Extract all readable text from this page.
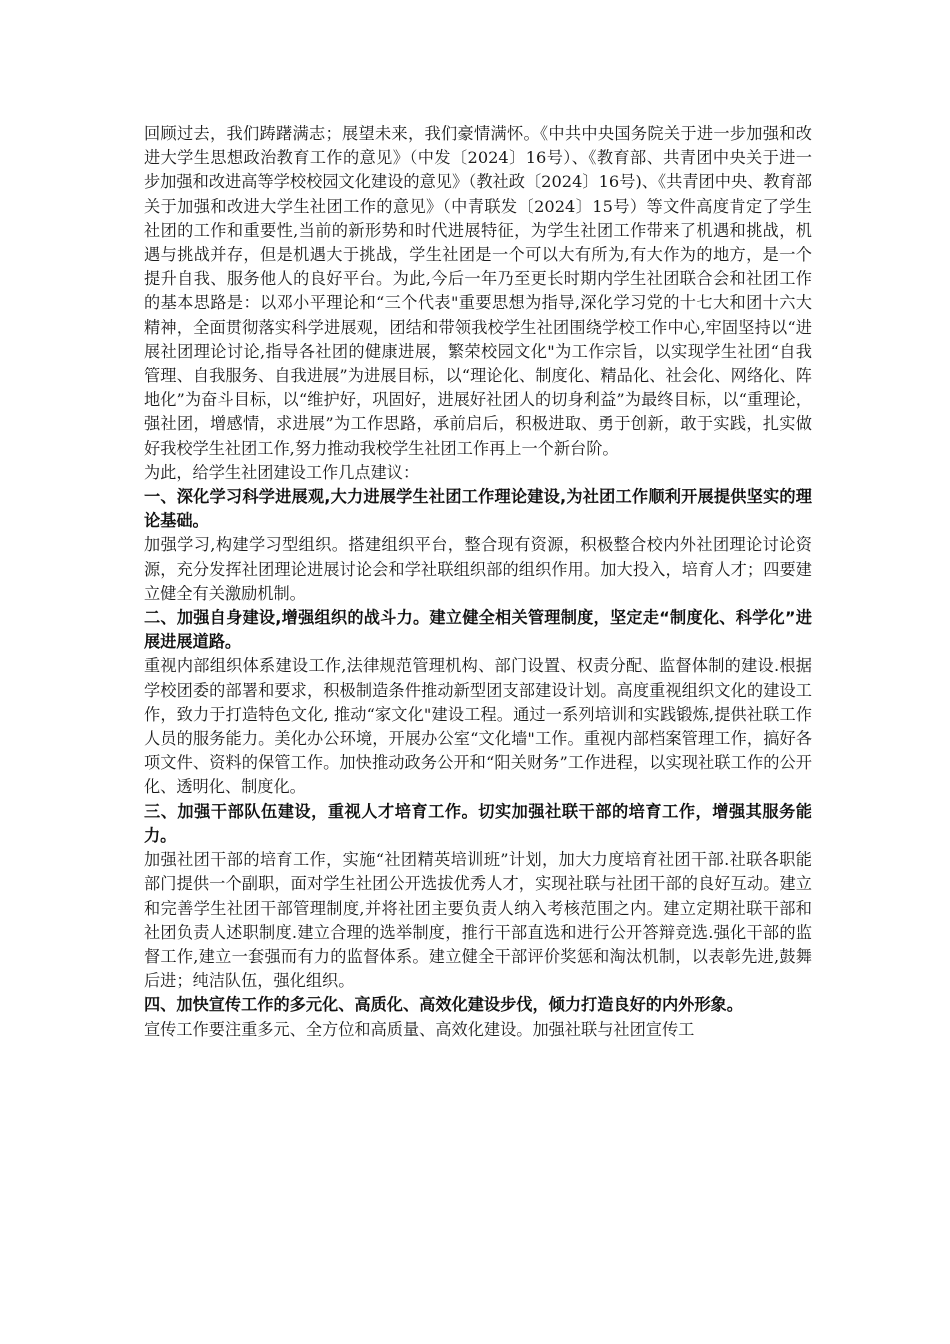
回顾过去，我们踌躇满志；展望未来，我们豪情满怀。《中共中央国务院关于进一步加强和改进大学生思想政治教育工作的意见》（中发〔2024〕16号）、《教育部、共青团中央关于进一步加强和改进高等学校校园文化建设的意见》（教社政〔2024〕16号)、《共青团中央、教育部关于加强和改进大学生社团工作的意见》（中青联发〔2024〕15号）等文件高度肯定了学生社团的工作和重要性,当前的新形势和时代进展特征，为学生社团工作带来了机遇和挑战，机遇与挑战并存，但是机遇大于挑战，学生社团是一个可以大有所为,有大作为的地方，是一个提升自我、服务他人的良好平台。为此,今后一年乃至更长时期内学生社团联合会和社团工作的基本思路是：以邓小平理论和“三个代表"重要思想为指导,深化学习党的十七大和团十六大精神，全面贯彻落实科学进展观，团结和带领我校学生社团围绕学校工作中心,牢固坚持以“进展社团理论讨论,指导各社团的健康进展，繁荣校园文化"为工作宗旨，以实现学生社团“自我管理、自我服务、自我进展”为进展目标，以“理论化、制度化、精品化、社会化、网络化、阵地化”为奋斗目标，以“维护好，巩固好，进展好社团人的切身利益”为最终目标，以“重理论，强社团，增感情，求进展”为工作思路，承前启后，积极进取、勇于创新，敢于实践，扎实做好我校学生社团工作,努力推动我校学生社团工作再上一个新台阶。

为此，给学生社团建设工作几点建议：

一、深化学习科学进展观,大力进展学生社团工作理论建设,为社团工作顺利开展提供坚实的理论基础。

加强学习,构建学习型组织。搭建组织平台，整合现有资源，积极整合校内外社团理论讨论资源，充分发挥社团理论进展讨论会和学社联组织部的组织作用。加大投入，培育人才；四要建立健全有关激励机制。

二、加强自身建设,增强组织的战斗力。建立健全相关管理制度，坚定走“制度化、科学化”进展进展道路。

重视内部组织体系建设工作,法律规范管理机构、部门设置、权责分配、监督体制的建设.根据学校团委的部署和要求，积极制造条件推动新型团支部建设计划。高度重视组织文化的建设工作，致力于打造特色文化, 推动“家文化"建设工程。通过一系列培训和实践锻炼,提供社联工作人员的服务能力。美化办公环境，开展办公室“文化墙"工作。重视内部档案管理工作，搞好各项文件、资料的保管工作。加快推动政务公开和“阳关财务”工作进程，以实现社联工作的公开化、透明化、制度化。

三、加强干部队伍建设，重视人才培育工作。切实加强社联干部的培育工作，增强其服务能力。

加强社团干部的培育工作，实施“社团精英培训班”计划，加大力度培育社团干部.社联各职能部门提供一个副职，面对学生社团公开选拔优秀人才，实现社联与社团干部的良好互动。建立和完善学生社团干部管理制度,并将社团主要负责人纳入考核范围之内。建立定期社联干部和社团负责人述职制度.建立合理的选举制度，推行干部直选和进行公开答辩竞选.强化干部的监督工作,建立一套强而有力的监督体系。建立健全干部评价奖惩和淘汰机制，以表彰先进,鼓舞后进；纯洁队伍，强化组织。

四、加快宣传工作的多元化、高质化、高效化建设步伐，倾力打造良好的内外形象。

宣传工作要注重多元、全方位和高质量、高效化建设。加强社联与社团宣传工
